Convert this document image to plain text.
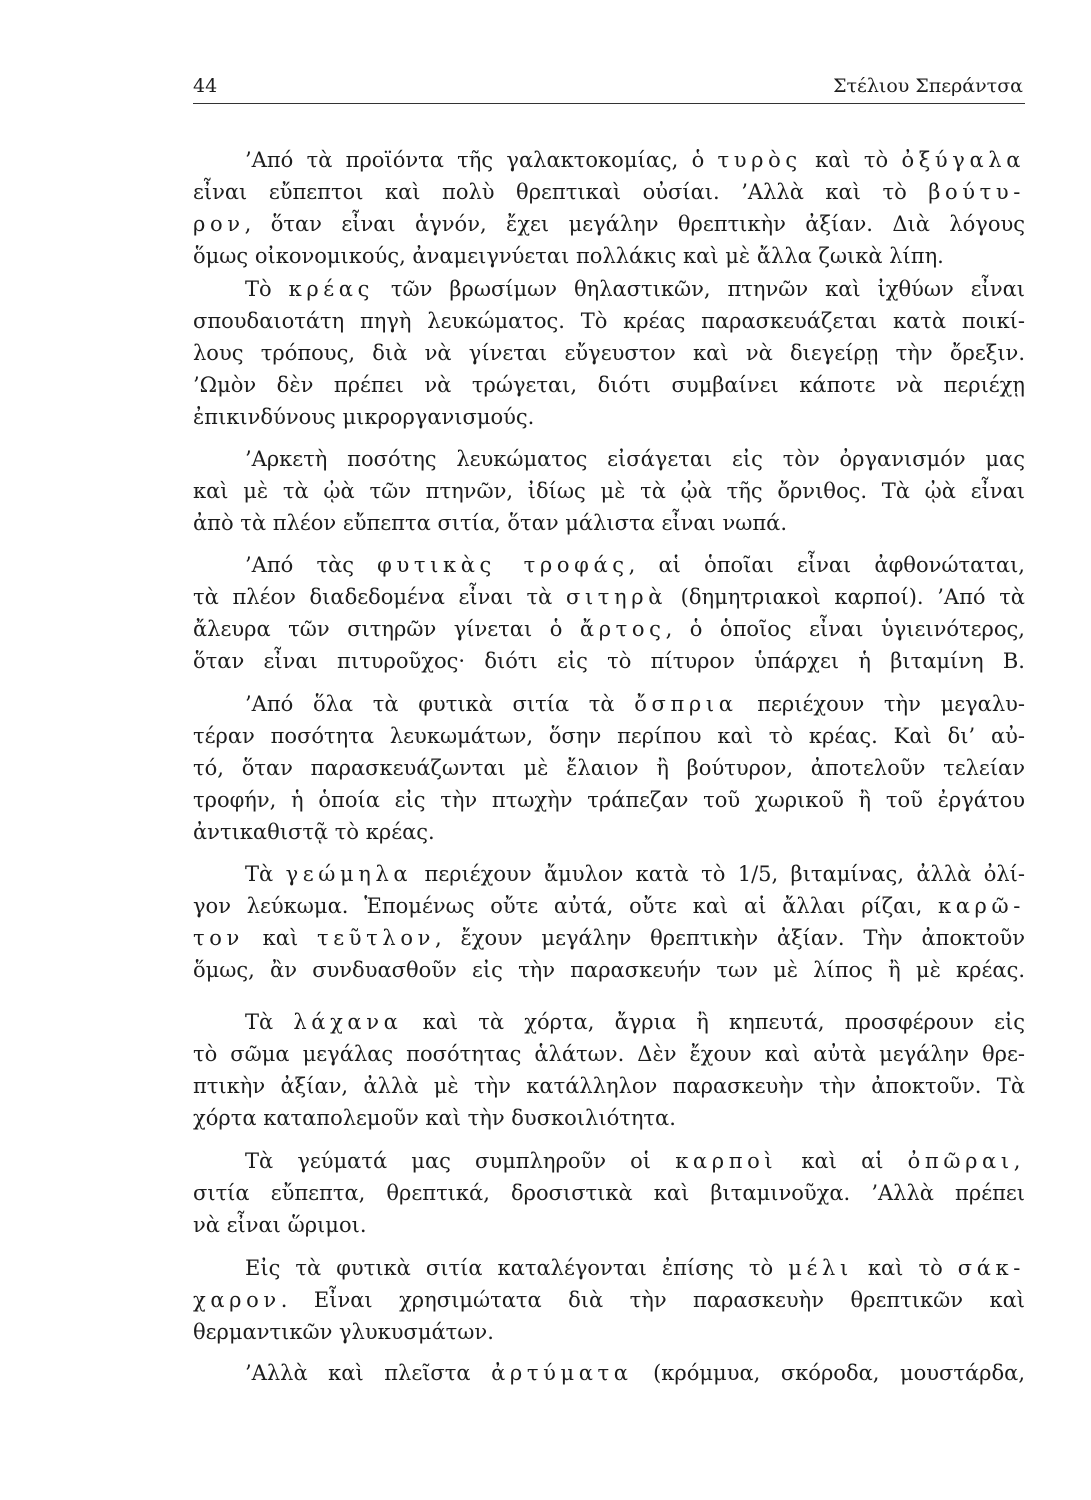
44	Στέλιου Σπεράντσα
’Από τὰ προϊόντα τῆς γαλακτοκομίας, ὁ τυρὸς καὶ τὸ ὀξύγαλα
εἶναι εὔπεπτοι καὶ πολὺ θρεπτικαὶ οὐσίαι. ’Αλλὰ καὶ τὸ βούτυ-
ρον, ὅταν εἶναι ἁγνόν, ἔχει μεγάλην θρεπτικὴν ἀξίαν. Διὰ λόγους
ὅμως οἰκονομικούς, ἀναμειγνύεται πολλάκις καὶ μὲ ἄλλα ζωικὰ λίπη.
Τὸ κρέας τῶν βρωσίμων θηλαστικῶν, πτηνῶν καὶ ἰχθύων εἶναι
σπουδαιοτάτη πηγὴ λευκώματος. Τὸ κρέας παρασκευάζεται κατὰ ποικί-
λους τρόπους, διὰ νὰ γίνεται εὔγευστον καὶ νὰ διεγείρῃ τὴν ὄρεξιν.
’Ωμὸν δὲν πρέπει νὰ τρώγεται, διότι συμβαίνει κάποτε νὰ περιέχῃ
ἐπικινδύνους μικροργανισμούς.
’Αρκετὴ ποσότης λευκώματος εἰσάγεται εἰς τὸν ὀργανισμόν μας
καὶ μὲ τὰ ᾠὰ τῶν πτηνῶν, ἰδίως μὲ τὰ ᾠὰ τῆς ὄρνιθος. Τὰ ᾠὰ εἶναι
ἀπὸ τὰ πλέον εὔπεπτα σιτία, ὅταν μάλιστα εἶναι νωπά.
’Από τὰς φυτικὰς τροφάς, αἱ ὁποῖαι εἶναι ἀφθονώταται,
τὰ πλέον διαδεδομένα εἶναι τὰ σιτηρὰ (δημητριακοὶ καρποί). ’Από τὰ
ἄλευρα τῶν σιτηρῶν γίνεται ὁ ἄρτος, ὁ ὁποῖος εἶναι ὑγιεινότερος,
ὅταν εἶναι πιτυροῦχος· διότι εἰς τὸ πίτυρον ὑπάρχει ἡ βιταμίνη Β.
’Από ὅλα τὰ φυτικὰ σιτία τὰ ὄσπρια περιέχουν τὴν μεγαλυ-
τέραν ποσότητα λευκωμάτων, ὅσην περίπου καὶ τὸ κρέας. Καὶ δι’ αὐ-
τό, ὅταν παρασκευάζωνται μὲ ἔλαιον ἢ βούτυρον, ἀποτελοῦν τελείαν
τροφήν, ἡ ὁποία εἰς τὴν πτωχὴν τράπεζαν τοῦ χωρικοῦ ἢ τοῦ ἐργάτου
ἀντικαθιστᾷ τὸ κρέας.
Τὰ γεώμηλα περιέχουν ἄμυλον κατὰ τὸ 1/5, βιταμίνας, ἀλλὰ ὀλί-
γον λεύκωμα. Ἑπομένως οὔτε αὐτά, οὔτε καὶ αἱ ἄλλαι ρίζαι, καρῶ-
τον καὶ τεῦτλον, ἔχουν μεγάλην θρεπτικὴν ἀξίαν. Τὴν ἀποκτοῦν
ὅμως, ἂν συνδυασθοῦν εἰς τὴν παρασκευήν των μὲ λίπος ἢ μὲ κρέας.
Τὰ λάχανα καὶ τὰ χόρτα, ἄγρια ἢ κηπευτά, προσφέρουν εἰς
τὸ σῶμα μεγάλας ποσότητας ἁλάτων. Δὲν ἔχουν καὶ αὐτὰ μεγάλην θρε-
πτικὴν ἀξίαν, ἀλλὰ μὲ τὴν κατάλληλον παρασκευὴν τὴν ἀποκτοῦν. Τὰ
χόρτα καταπολεμοῦν καὶ τὴν δυσκοιλιότητα.
Τὰ γεύματά μας συμπληροῦν οἱ καρποὶ καὶ αἱ ὀπῶραι,
σιτία εὔπεπτα, θρεπτικά, δροσιστικὰ καὶ βιταμινοῦχα. ’Αλλὰ πρέπει
νὰ εἶναι ὥριμοι.
Εἰς τὰ φυτικὰ σιτία καταλέγονται ἐπίσης τὸ μέλι καὶ τὸ σάκ-
χαρον. Εἶναι χρησιμώτατα διὰ τὴν παρασκευὴν θρεπτικῶν καὶ
θερμαντικῶν γλυκυσμάτων.
’Αλλὰ καὶ πλεῖστα ἀρτύματα (κρόμμυα, σκόροδα, μουστάρδα,
